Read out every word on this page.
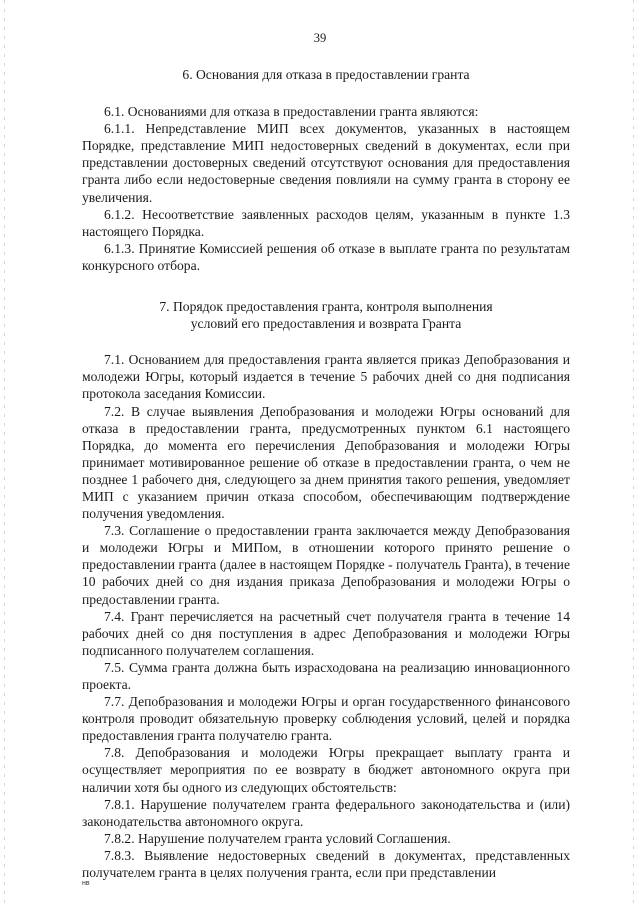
39

6. Основания для отказа в предоставлении гранта

6.1. Основаниями для отказа в предоставлении гранта являются:

6.1.1. Непредставление МИП всех документов, указанных в настоящем Порядке, представление МИП недостоверных сведений в документах, если при представлении достоверных сведений отсутствуют основания для предоставления гранта либо если недостоверные сведения повлияли на сумму гранта в сторону ее увеличения.

6.1.2. Несоответствие заявленных расходов целям, указанным в пункте 1.3 настоящего Порядка.

6.1.3. Принятие Комиссией решения об отказе в выплате гранта по результатам конкурсного отбора.

7. Порядок предоставления гранта, контроля выполнения
условий его предоставления и возврата Гранта

7.1. Основанием для предоставления гранта является приказ Депобразования и молодежи Югры, который издается в течение 5 рабочих дней со дня подписания протокола заседания Комиссии.

7.2. В случае выявления Депобразования и молодежи Югры оснований для отказа в предоставлении гранта, предусмотренных пунктом 6.1 настоящего Порядка, до момента его перечисления Депобразования и молодежи Югры принимает мотивированное решение об отказе в предоставлении гранта, о чем не позднее 1 рабочего дня, следующего за днем принятия такого решения, уведомляет МИП с указанием причин отказа способом, обеспечивающим подтверждение получения уведомления.

7.3. Соглашение о предоставлении гранта заключается между Депобразования и молодежи Югры и МИПом, в отношении которого принято решение о предоставлении гранта (далее в настоящем Порядке - получатель Гранта), в течение 10 рабочих дней со дня издания приказа Депобразования и молодежи Югры о предоставлении гранта.

7.4. Грант перечисляется на расчетный счет получателя гранта в течение 14 рабочих дней со дня поступления в адрес Депобразования и молодежи Югры подписанного получателем соглашения.

7.5. Сумма гранта должна быть израсходована на реализацию инновационного проекта.

7.7. Депобразования и молодежи Югры и орган государственного финансового контроля проводит обязательную проверку соблюдения условий, целей и порядка предоставления гранта получателю гранта.

7.8. Депобразования и молодежи Югры прекращает выплату гранта и осуществляет мероприятия по ее возврату в бюджет автономного округа при наличии хотя бы одного из следующих обстоятельств:

7.8.1. Нарушение получателем гранта федерального законодательства и (или) законодательства автономного округа.

7.8.2. Нарушение получателем гранта условий Соглашения.

7.8.3. Выявление недостоверных сведений в документах, представленных получателем гранта в целях получения гранта, если при представлении

нв
